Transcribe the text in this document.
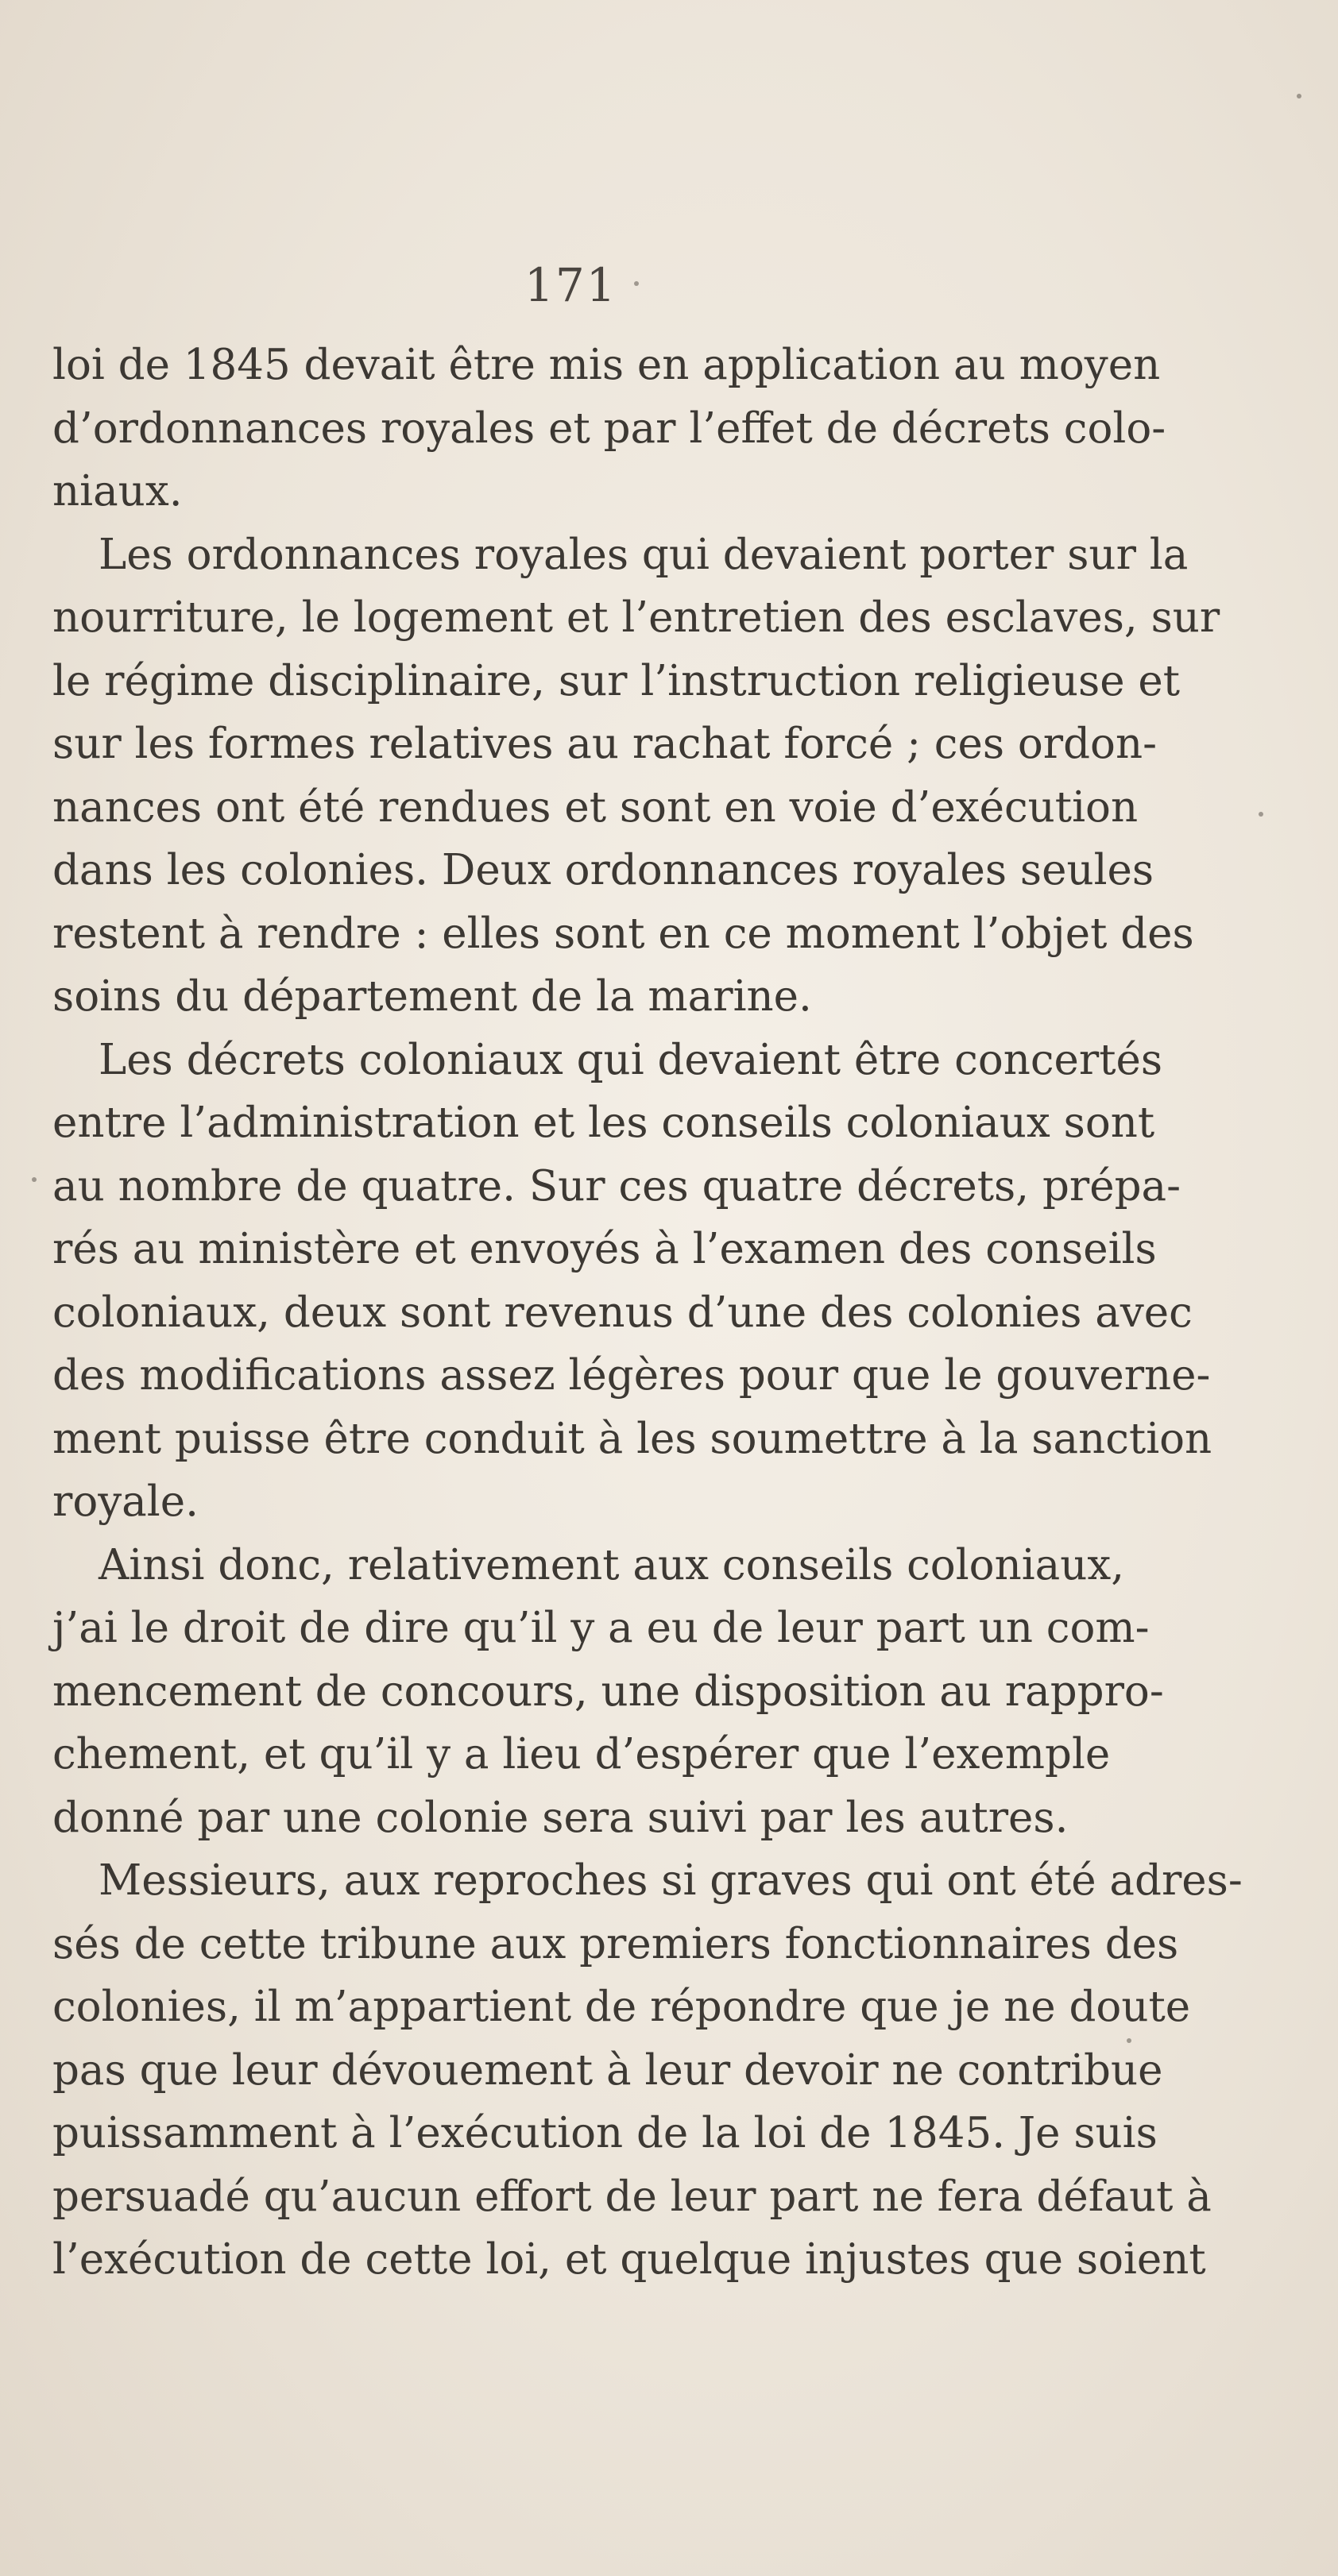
171
loi de 1845 devait être mis en application au moyen
d’ordonnances royales et par l’effet de décrets colo-
niaux.
Les ordonnances royales qui devaient porter sur la
nourriture, le logement et l’entretien des esclaves, sur
le régime disciplinaire, sur l’instruction religieuse et
sur les formes relatives au rachat forcé ; ces ordon-
nances ont été rendues et sont en voie d’exécution
dans les colonies. Deux ordonnances royales seules
restent à rendre : elles sont en ce moment l’objet des
soins du département de la marine.
Les décrets coloniaux qui devaient être concertés
entre l’administration et les conseils coloniaux sont
au nombre de quatre. Sur ces quatre décrets, prépa-
rés au ministère et envoyés à l’examen des conseils
coloniaux, deux sont revenus d’une des colonies avec
des modifications assez légères pour que le gouverne-
ment puisse être conduit à les soumettre à la sanction
royale.
Ainsi donc, relativement aux conseils coloniaux,
j’ai le droit de dire qu’il y a eu de leur part un com-
mencement de concours, une disposition au rappro-
chement, et qu’il y a lieu d’espérer que l’exemple
donné par une colonie sera suivi par les autres.
Messieurs, aux reproches si graves qui ont été adres-
sés de cette tribune aux premiers fonctionnaires des
colonies, il m’appartient de répondre que je ne doute
pas que leur dévouement à leur devoir ne contribue
puissamment à l’exécution de la loi de 1845. Je suis
persuadé qu’aucun effort de leur part ne fera défaut à
l’exécution de cette loi, et quelque injustes que soient
